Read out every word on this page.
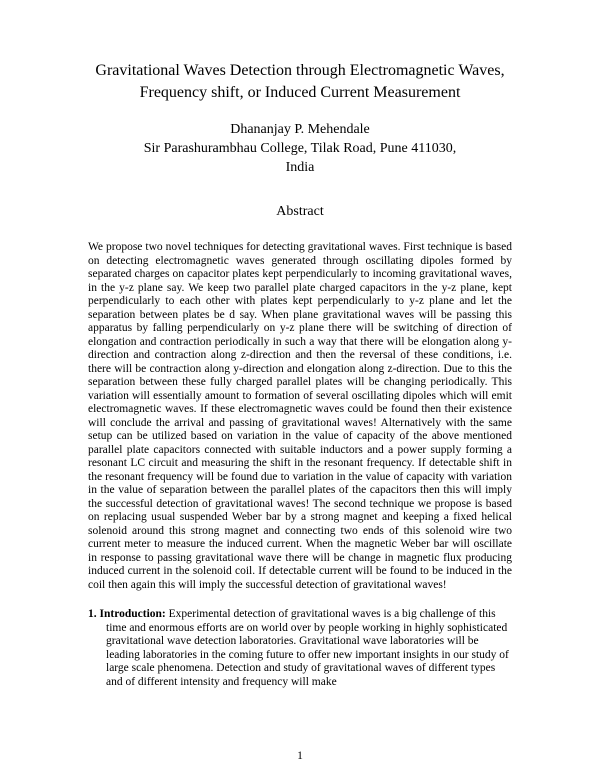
Gravitational Waves Detection through Electromagnetic Waves, Frequency shift, or Induced Current Measurement
Dhananjay P. Mehendale
Sir Parashurambhau College, Tilak Road, Pune 411030,
India
Abstract

We propose two novel techniques for detecting gravitational waves. First technique is based on detecting electromagnetic waves generated through oscillating dipoles formed by separated charges on capacitor plates kept perpendicularly to incoming gravitational waves, in the y-z plane say. We keep two parallel plate charged capacitors in the y-z plane, kept perpendicularly to each other with plates kept perpendicularly to y-z plane and let the separation between plates be d say. When plane gravitational waves will be passing this apparatus by falling perpendicularly on y-z plane there will be switching of direction of elongation and contraction periodically in such a way that there will be elongation along y-direction and contraction along z-direction and then the reversal of these conditions, i.e. there will be contraction along y-direction and elongation along z-direction. Due to this the separation between these fully charged parallel plates will be changing periodically. This variation will essentially amount to formation of several oscillating dipoles which will emit electromagnetic waves. If these electromagnetic waves could be found then their existence will conclude the arrival and passing of gravitational waves! Alternatively with the same setup can be utilized based on variation in the value of capacity of the above mentioned parallel plate capacitors connected with suitable inductors and a power supply forming a resonant LC circuit and measuring the shift in the resonant frequency. If detectable shift in the resonant frequency will be found due to variation in the value of capacity with variation in the value of separation between the parallel plates of the capacitors then this will imply the successful detection of gravitational waves! The second technique we propose is based on replacing usual suspended Weber bar by a strong magnet and keeping a fixed helical solenoid around this strong magnet and connecting two ends of this solenoid wire two current meter to measure the induced current. When the magnetic Weber bar will oscillate in response to passing gravitational wave there will be change in magnetic flux producing induced current in the solenoid coil. If detectable current will be found to be induced in the coil then again this will imply the successful detection of gravitational waves!

1. Introduction: Experimental detection of gravitational waves is a big challenge of this time and enormous efforts are on world over by people working in highly sophisticated gravitational wave detection laboratories. Gravitational wave laboratories will be leading laboratories in the coming future to offer new important insights in our study of large scale phenomena. Detection and study of gravitational waves of different types and of different intensity and frequency will make

1
